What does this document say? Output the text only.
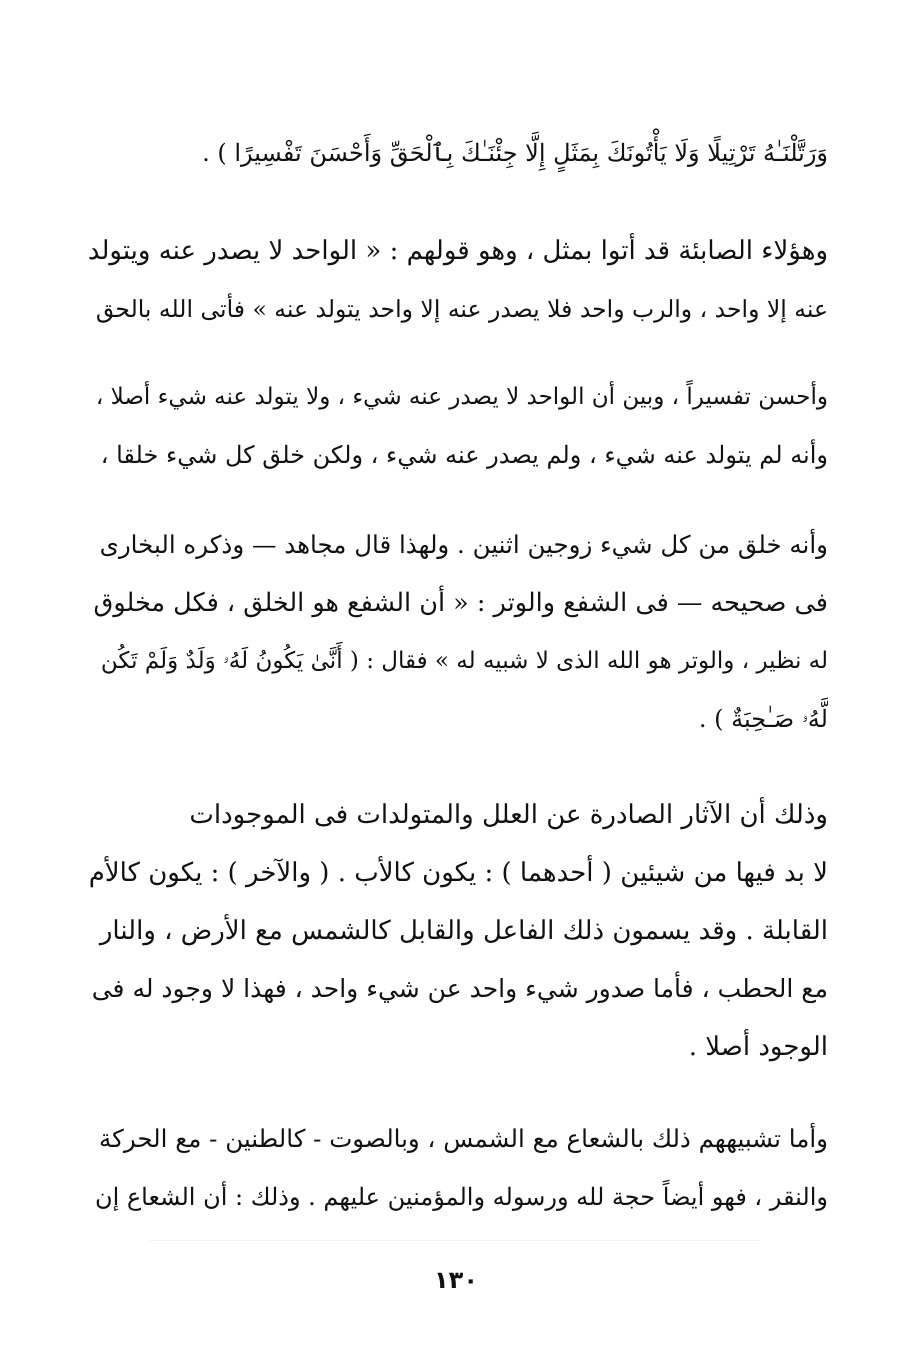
وَرَتَّلْنَـٰهُ تَرْتِيلًا وَلَا يَأْتُونَكَ بِمَثَلٍ إِلَّا جِئْنَـٰكَ بِٱلْحَقِّ وَأَحْسَنَ تَفْسِيرًا ) .
وهؤلاء الصابئة قد أتوا بمثل ، وهو قولهم : « الواحد لا يصدر عنه ويتولد
عنه إلا واحد ، والرب واحد فلا يصدر عنه إلا واحد يتولد عنه » فأتى الله بالحق
وأحسن تفسيراً ، وبين أن الواحد لا يصدر عنه شيء ، ولا يتولد عنه شيء أصلا ،
وأنه لم يتولد عنه شيء ، ولم يصدر عنه شيء ، ولكن خلق كل شيء خلقا ،
وأنه خلق من كل شيء زوجين اثنين . ولهذا قال مجاهد — وذكره البخارى
فى صحيحه — فى الشفع والوتر : « أن الشفع هو الخلق ، فكل مخلوق
له نظير ، والوتر هو الله الذى لا شبيه له » فقال : ( أَنَّىٰ يَكُونُ لَهُۥ وَلَدٌ وَلَمْ تَكُن
لَّهُۥ صَـٰحِبَةٌ ) .
وذلك أن الآثار الصادرة عن العلل والمتولدات فى الموجودات
لا بد فيها من شيئين ( أحدهما ) : يكون كالأب . ( والآخر ) : يكون كالأم
القابلة . وقد يسمون ذلك الفاعل والقابل كالشمس مع الأرض ، والنار
مع الحطب ، فأما صدور شيء واحد عن شيء واحد ، فهذا لا وجود له فى
الوجود أصلا .
وأما تشبيههم ذلك بالشعاع مع الشمس ، وبالصوت - كالطنين - مع الحركة
والنقر ، فهو أيضاً حجة لله ورسوله والمؤمنين عليهم . وذلك : أن الشعاع إن
١٣٠
